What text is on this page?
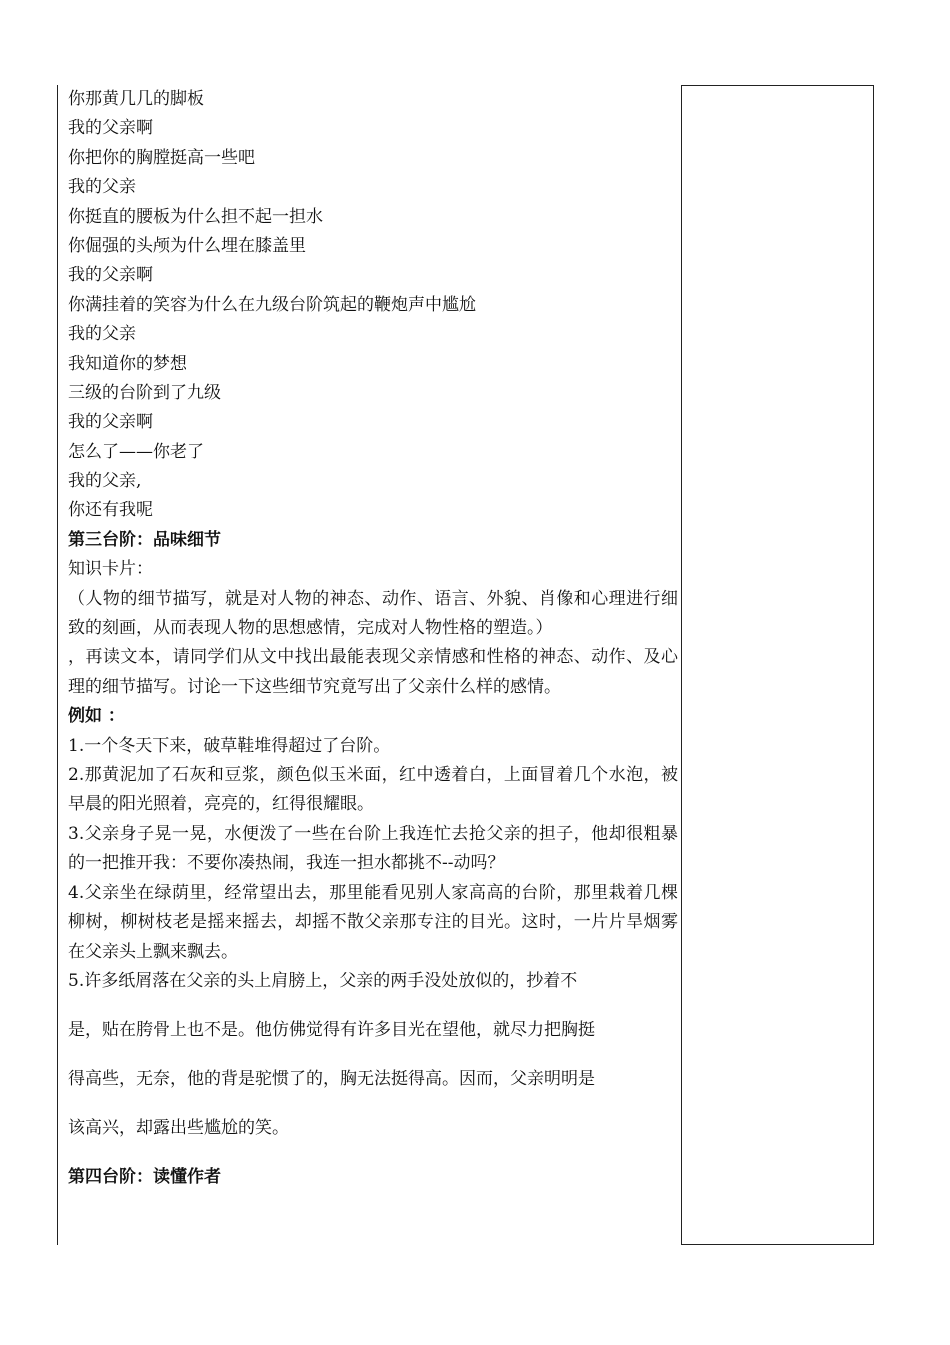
你那黄几几的脚板
我的父亲啊
你把你的胸膛挺高一些吧
我的父亲
你挺直的腰板为什么担不起一担水
你倔强的头颅为什么埋在膝盖里
我的父亲啊
你满挂着的笑容为什么在九级台阶筑起的鞭炮声中尴尬
我的父亲
我知道你的梦想
三级的台阶到了九级
我的父亲啊
怎么了——你老了
我的父亲,
你还有我呢
第三台阶：品味细节
知识卡片：
（人物的细节描写，就是对人物的神态、动作、语言、外貌、肖像和心理进行细致的刻画，从而表现人物的思想感情，完成对人物性格的塑造。）
，再读文本，请同学们从文中找出最能表现父亲情感和性格的神态、动作、及心理的细节描写。讨论一下这些细节究竟写出了父亲什么样的感情。
例如 ：
1.一个冬天下来，破草鞋堆得超过了台阶。
2.那黄泥加了石灰和豆浆，颜色似玉米面，红中透着白，上面冒着几个水泡，被早晨的阳光照着，亮亮的，红得很耀眼。
3.父亲身子晃一晃，水便泼了一些在台阶上我连忙去抢父亲的担子，他却很粗暴的一把推开我：不要你凑热闹，我连一担水都挑不--动吗？
4.父亲坐在绿荫里，经常望出去，那里能看见别人家高高的台阶，那里栽着几棵柳树，柳树枝老是摇来摇去，却摇不散父亲那专注的目光。这时，一片片旱烟雾在父亲头上飘来飘去。
5.许多纸屑落在父亲的头上肩膀上，父亲的两手没处放似的，抄着不
是，贴在胯骨上也不是。他仿佛觉得有许多目光在望他，就尽力把胸挺
得高些，无奈，他的背是驼惯了的，胸无法挺得高。因而，父亲明明是
该高兴，却露出些尴尬的笑。
第四台阶：读懂作者
